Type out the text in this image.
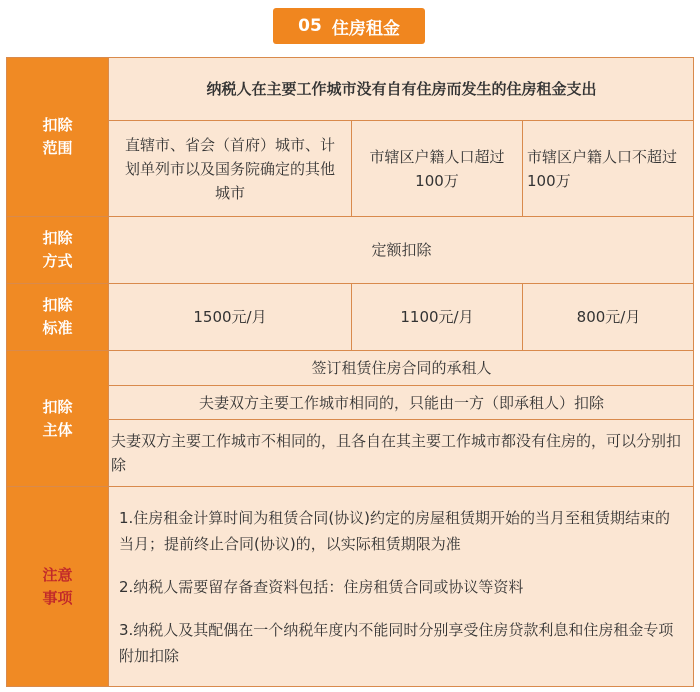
05 住房租金
扣除
范围
纳税人在主要工作城市没有自有住房而发生的住房租金支出
直辖市、省会（首府）城市、计划单列市以及国务院确定的其他城市
市辖区户籍人口超过100万
市辖区户籍人口不超过100万
扣除
方式
定额扣除
扣除
标准
1500元/月	1100元/月	800元/月
扣除
主体
签订租赁住房合同的承租人
夫妻双方主要工作城市相同的，只能由一方（即承租人）扣除
夫妻双方主要工作城市不相同的，且各自在其主要工作城市都没有住房的，可以分别扣除
注意
事项

1.住房租金计算时间为租赁合同(协议)约定的房屋租赁期开始的当月至租赁期结束的当月；提前终止合同(协议)的，以实际租赁期限为准

2.纳税人需要留存备查资料包括：住房租赁合同或协议等资料

3.纳税人及其配偶在一个纳税年度内不能同时分别享受住房贷款利息和住房租金专项附加扣除
